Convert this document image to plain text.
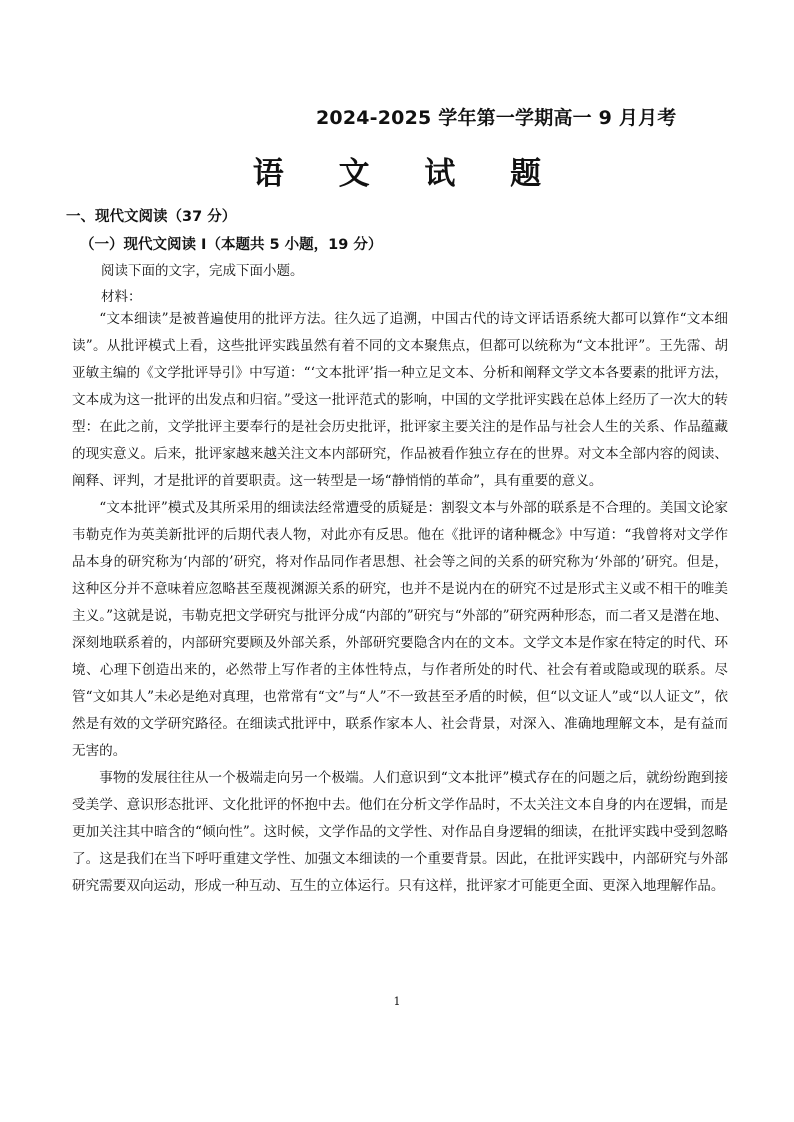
2024-2025 学年第一学期高一 9 月月考
语 文 试 题
一、现代文阅读（37 分）
（一）现代文阅读 I（本题共 5 小题，19 分）
阅读下面的文字，完成下面小题。
材料：

“文本细读”是被普遍使用的批评方法。往久远了追溯，中国古代的诗文评话语系统大都可以算作“文本细读”。从批评模式上看，这些批评实践虽然有着不同的文本聚焦点，但都可以统称为“文本批评”。王先霈、胡亚敏主编的《文学批评导引》中写道：“‘文本批评’指一种立足文本、分析和阐释文学文本各要素的批评方法，文本成为这一批评的出发点和归宿。”受这一批评范式的影响，中国的文学批评实践在总体上经历了一次大的转型：在此之前，文学批评主要奉行的是社会历史批评，批评家主要关注的是作品与社会人生的关系、作品蕴藏的现实意义。后来，批评家越来越关注文本内部研究，作品被看作独立存在的世界。对文本全部内容的阅读、阐释、评判，才是批评的首要职责。这一转型是一场“静悄悄的革命”，具有重要的意义。

“文本批评”模式及其所采用的细读法经常遭受的质疑是：割裂文本与外部的联系是不合理的。美国文论家韦勒克作为英美新批评的后期代表人物，对此亦有反思。他在《批评的诸种概念》中写道：“我曾将对文学作品本身的研究称为‘内部的’研究，将对作品同作者思想、社会等之间的关系的研究称为‘外部的’研究。但是，这种区分并不意味着应忽略甚至蔑视渊源关系的研究，也并不是说内在的研究不过是形式主义或不相干的唯美主义。”这就是说，韦勒克把文学研究与批评分成“内部的”研究与“外部的”研究两种形态，而二者又是潜在地、深刻地联系着的，内部研究要顾及外部关系，外部研究要隐含内在的文本。文学文本是作家在特定的时代、环境、心理下创造出来的，必然带上写作者的主体性特点，与作者所处的时代、社会有着或隐或现的联系。尽管“文如其人”未必是绝对真理，也常常有“文”与“人”不一致甚至矛盾的时候，但“以文证人”或“以人证文”，依然是有效的文学研究路径。在细读式批评中，联系作家本人、社会背景，对深入、准确地理解文本，是有益而无害的。

事物的发展往往从一个极端走向另一个极端。人们意识到“文本批评”模式存在的问题之后，就纷纷跑到接受美学、意识形态批评、文化批评的怀抱中去。他们在分析文学作品时，不太关注文本自身的内在逻辑，而是更加关注其中暗含的“倾向性”。这时候，文学作品的文学性、对作品自身逻辑的细读，在批评实践中受到忽略了。这是我们在当下呼吁重建文学性、加强文本细读的一个重要背景。因此，在批评实践中，内部研究与外部研究需要双向运动，形成一种互动、互生的立体运行。只有这样，批评家才可能更全面、更深入地理解作品。

1
